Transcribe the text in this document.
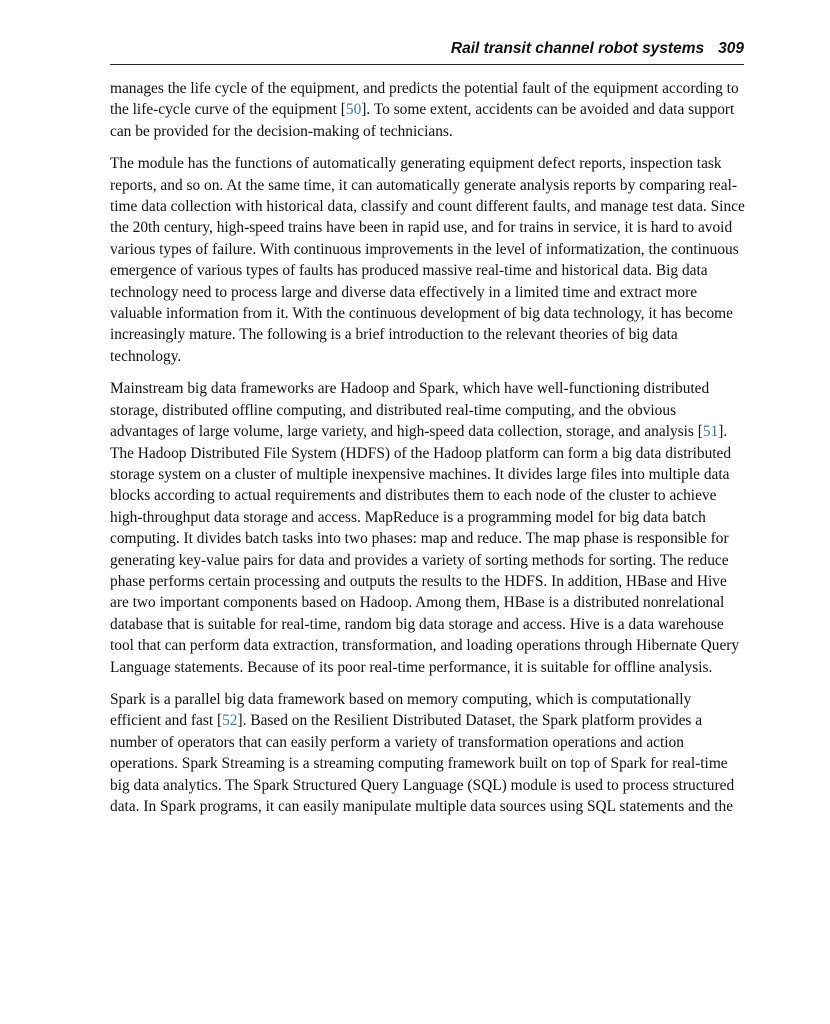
Rail transit channel robot systems 309

manages the life cycle of the equipment, and predicts the potential fault of the equipment according to the life-cycle curve of the equipment [50]. To some extent, accidents can be avoided and data support can be provided for the decision-making of technicians.

The module has the functions of automatically generating equipment defect reports, inspection task reports, and so on. At the same time, it can automatically generate analysis reports by comparing real-time data collection with historical data, classify and count different faults, and manage test data. Since the 20th century, high-speed trains have been in rapid use, and for trains in service, it is hard to avoid various types of failure. With continuous improvements in the level of informatization, the continuous emergence of various types of faults has produced massive real-time and historical data. Big data technology need to process large and diverse data effectively in a limited time and extract more valuable information from it. With the continuous development of big data technology, it has become increasingly mature. The following is a brief introduction to the relevant theories of big data technology.

Mainstream big data frameworks are Hadoop and Spark, which have well-functioning distributed storage, distributed offline computing, and distributed real-time computing, and the obvious advantages of large volume, large variety, and high-speed data collection, storage, and analysis [51]. The Hadoop Distributed File System (HDFS) of the Hadoop platform can form a big data distributed storage system on a cluster of multiple inexpensive machines. It divides large files into multiple data blocks according to actual requirements and distributes them to each node of the cluster to achieve high-throughput data storage and access. MapReduce is a programming model for big data batch computing. It divides batch tasks into two phases: map and reduce. The map phase is responsible for generating key-value pairs for data and provides a variety of sorting methods for sorting. The reduce phase performs certain processing and outputs the results to the HDFS. In addition, HBase and Hive are two important components based on Hadoop. Among them, HBase is a distributed nonrelational database that is suitable for real-time, random big data storage and access. Hive is a data warehouse tool that can perform data extraction, transformation, and loading operations through Hibernate Query Language statements. Because of its poor real-time performance, it is suitable for offline analysis.

Spark is a parallel big data framework based on memory computing, which is computationally efficient and fast [52]. Based on the Resilient Distributed Dataset, the Spark platform provides a number of operators that can easily perform a variety of transformation operations and action operations. Spark Streaming is a streaming computing framework built on top of Spark for real-time big data analytics. The Spark Structured Query Language (SQL) module is used to process structured data. In Spark programs, it can easily manipulate multiple data sources using SQL statements and the
